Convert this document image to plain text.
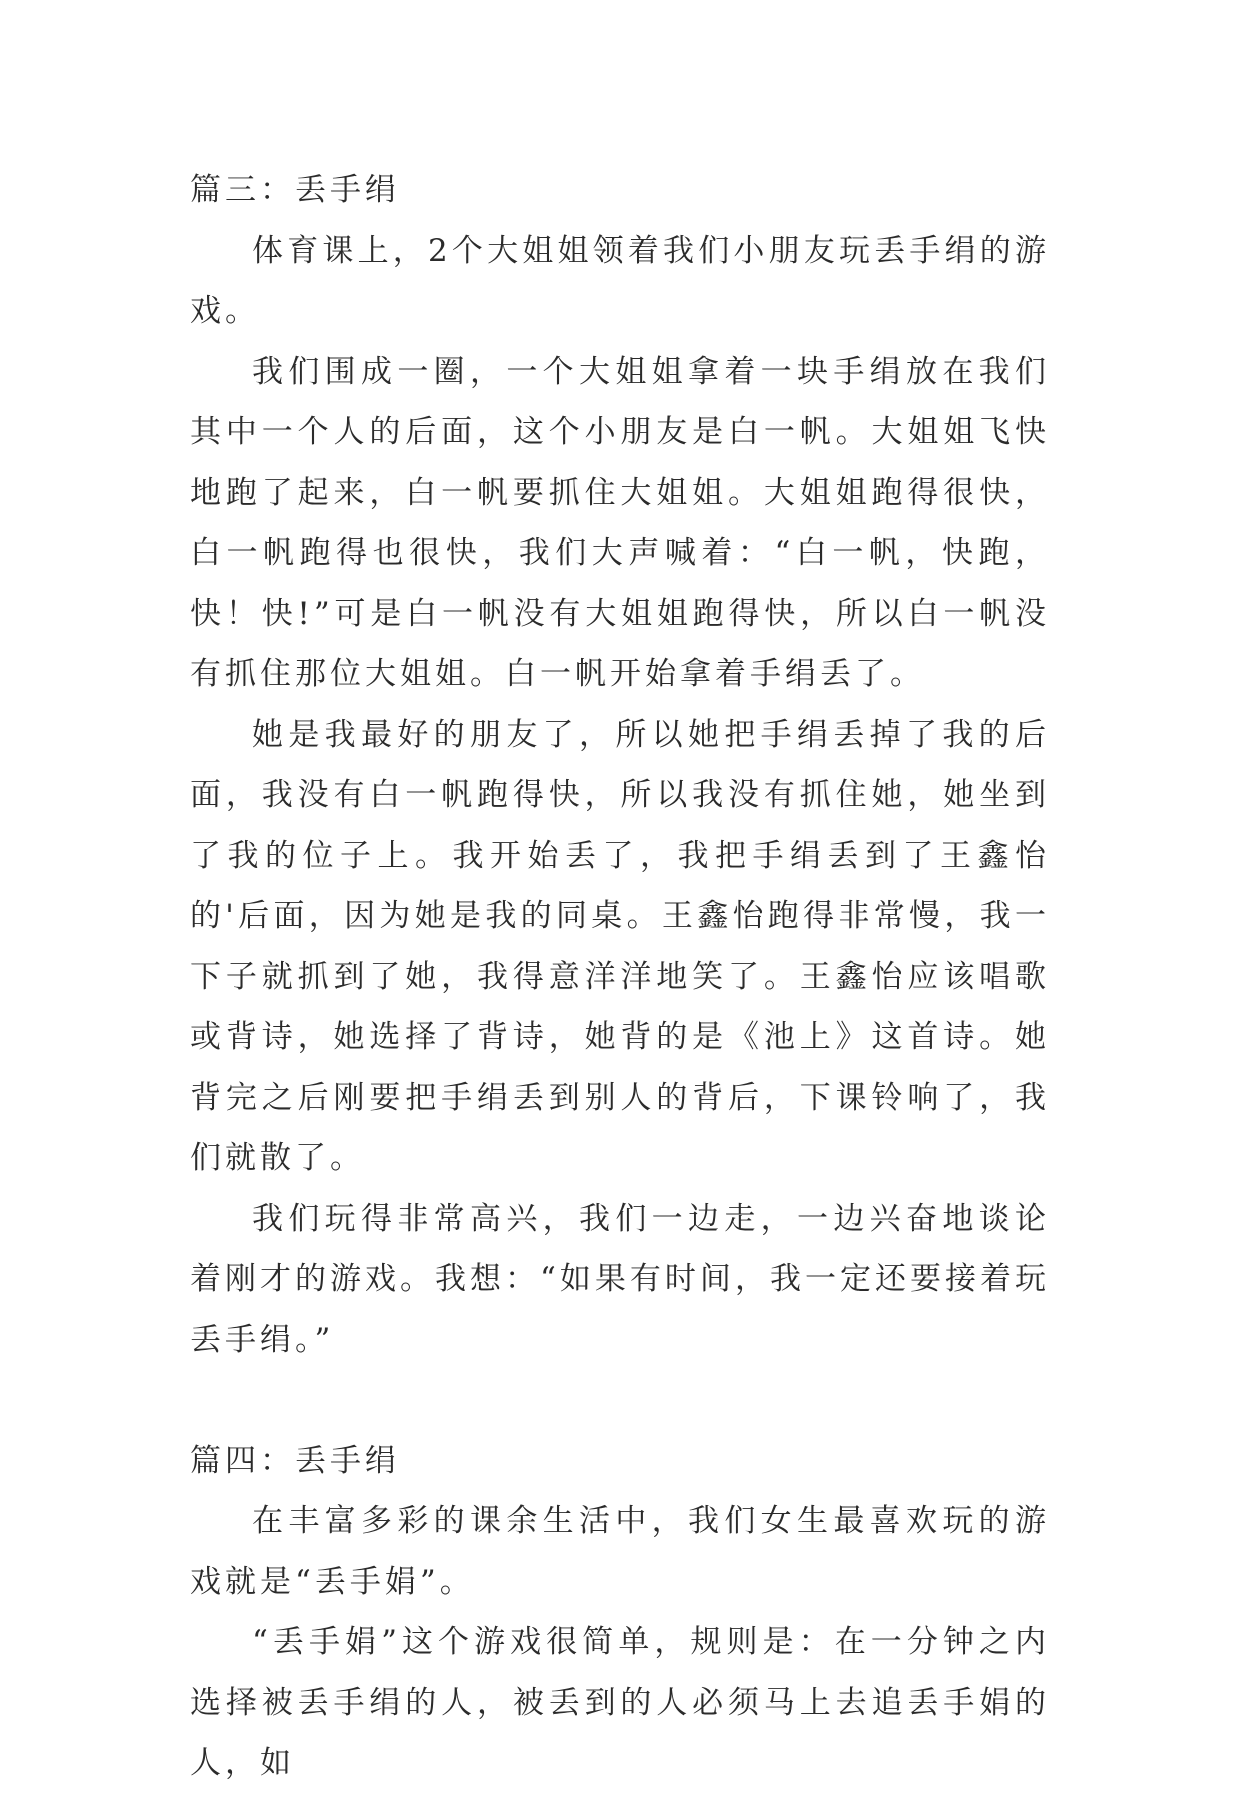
篇三：丢手绢

体育课上，2个大姐姐领着我们小朋友玩丢手绢的游戏。

我们围成一圈，一个大姐姐拿着一块手绢放在我们其中一个人的后面，这个小朋友是白一帆。大姐姐飞快地跑了起来，白一帆要抓住大姐姐。大姐姐跑得很快，白一帆跑得也很快，我们大声喊着：“白一帆，快跑，快！快!”可是白一帆没有大姐姐跑得快，所以白一帆没有抓住那位大姐姐。白一帆开始拿着手绢丢了。

她是我最好的朋友了，所以她把手绢丢掉了我的后面，我没有白一帆跑得快，所以我没有抓住她，她坐到了我的位子上。我开始丢了，我把手绢丢到了王鑫怡的'后面，因为她是我的同桌。王鑫怡跑得非常慢，我一下子就抓到了她，我得意洋洋地笑了。王鑫怡应该唱歌或背诗，她选择了背诗，她背的是《池上》这首诗。她背完之后刚要把手绢丢到别人的背后，下课铃响了，我们就散了。

我们玩得非常高兴，我们一边走，一边兴奋地谈论着刚才的游戏。我想：“如果有时间，我一定还要接着玩丢手绢。”

篇四：丢手绢

在丰富多彩的课余生活中，我们女生最喜欢玩的游戏就是“丢手娟”。

“丢手娟”这个游戏很简单，规则是：在一分钟之内选择被丢手绢的人，被丢到的人必须马上去追丢手娟的人，如
